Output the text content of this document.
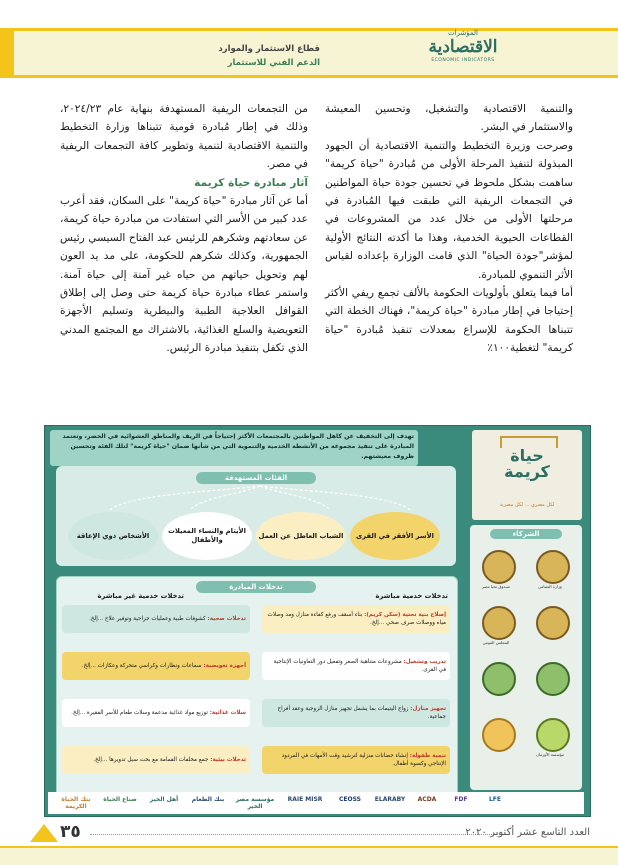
المؤشرات
الاقتصادية
ECONOMIC INDICATORS
قطاع الاستثمار والموارد
الدعم الفني للاستثمار

والتنمية الاقتصادية والتشغيل، وتحسين المعيشة والاستثمار في البشر.

وصرحت وزيرة التخطيط والتنمية الاقتصادية أن الجهود المبذولة لتنفيذ المرحلة الأولى من مُبادرة "حياة كريمة" ساهمت بشكل ملحوظ في تحسين جودة حياة المواطنين في التجمعات الريفية التي طبقت فيها المُبادرة في مرحلتها الأولى من خلال عدد من المشروعات في القطاعات الحيوية الخدمية، وهذا ما أكدته النتائج الأولية لمؤشر"جودة الحياة" الذي قامت الوزارة بإعداده لقياس الأثر التنموي للمبادرة.

أما فيما يتعلق بأولويات الحكومة بالألف تجمع ريفي الأكثر إحتياجا في إطار مبادرة "حياة كريمة"، فهناك الخطة التي تتبناها الحكومة للإسراع بمعدلات تنفيذ مُبادرة "حياة كريمة" لتغطية١٠٠٪

من التجمعات الريفية المستهدفة بنهاية عام ٢٠٢٤/٢٣، وذلك في إطار مُبادرة قومية تتبناها وزارة التخطيط والتنمية الاقتصادية لتنمية وتطوير كافة التجمعات الريفية في مصر.

آثار مبادرة حياة كريمة

أما عن آثار مبادرة "حياة كريمة" على السكان، فقد أعرب عدد كبير من الأسر التي استفادت من مبادرة حياة كريمة، عن سعادتهم وشكرهم للرئيس عبد الفتاح السيسي رئيس الجمهورية، وكذلك شكرهم للحكومة، على مد يد العون لهم وتحويل حياتهم من حياه غير آمنة إلى حياة آمنة. واستمر عطاء مبادرة حياة كريمة حتى وصل إلى إطلاق القوافل العلاجية الطبية والبيطرية وتسليم الأجهزة التعويضية والسلع الغذائية، بالاشتراك مع المجتمع المدني الذي تكفل بتنفيذ مبادرة الرئيس.

تهدف إلى التخفيف عن كاهل المواطنين بالمجتمعات الأكثر إحتياجاً في الريف والمناطق العشوائية في الحضر، وتعتمد المبادرة على تنفيذ مجموعة من الأنشطة الخدمية والتنموية التي من شأنها ضمان "حياة كريمة" لتلك الفئة وتحسين ظروف معيشتهم.	حياة
كريمة
لكل مصري ... لكل مصرية
الفئات المستهدفة
الأسر الأفقر في القرى
الشباب العاطل عن العمل
الأيتام والنساء المعيلات والأطفال
الأشخاص ذوي الإعاقة
تدخلات المبادرة
تدخلات خدمية مباشرة
تدخلات خدمية غير مباشرة
إصلاح بنية تحتية (سكن كريم): بناء أسقف ورفع كفاءة منازل ومد وصلات مياه ووصلات صرف صحي ...إلخ.
تدريب وتشغيل: مشروعات متناهية الصغر وتفعيل دور التعاونيات الإنتاجية في القرى.
تجهيز منازل: زواج اليتيمات بما يشمل تجهيز منازل الزوجية وعقد أفراح جماعية.
تنمية طفولة: إنشاء حضانات منزلية لترشيد وقت الأمهات في المردود الإنتاجي وكسوة أطفال.
تدخلات صحية: كشوفات طبية وعمليات جراحية وتوفير علاج ...إلخ.
أجهزة تعويضية: سماعات ونظارات وكراسي متحركة وعكازات ...إلخ.
سلات غذائية: توزيع مواد غذائية مدعمة وسلات طعام للأسر الفقيرة ...إلخ.
تدخلات بيئية: جمع مخلفات القمامة مع بحث سبل تدويرها ...إلخ.
الشركاء
صندوق تحيا مصر	وزارة التضامن
المجلس القومي
مؤسسة الأورمان
بنك الحياة الكريمة
صناع الحياة	أهل الخير	بنك الطعام	مؤسسة مصر الخير
RAIE MISR	CEOSS	ELARABY	ACDA	FDF	LFE
٣٥	العدد التاسع عشر أكتوبر ٢٠٢٠
